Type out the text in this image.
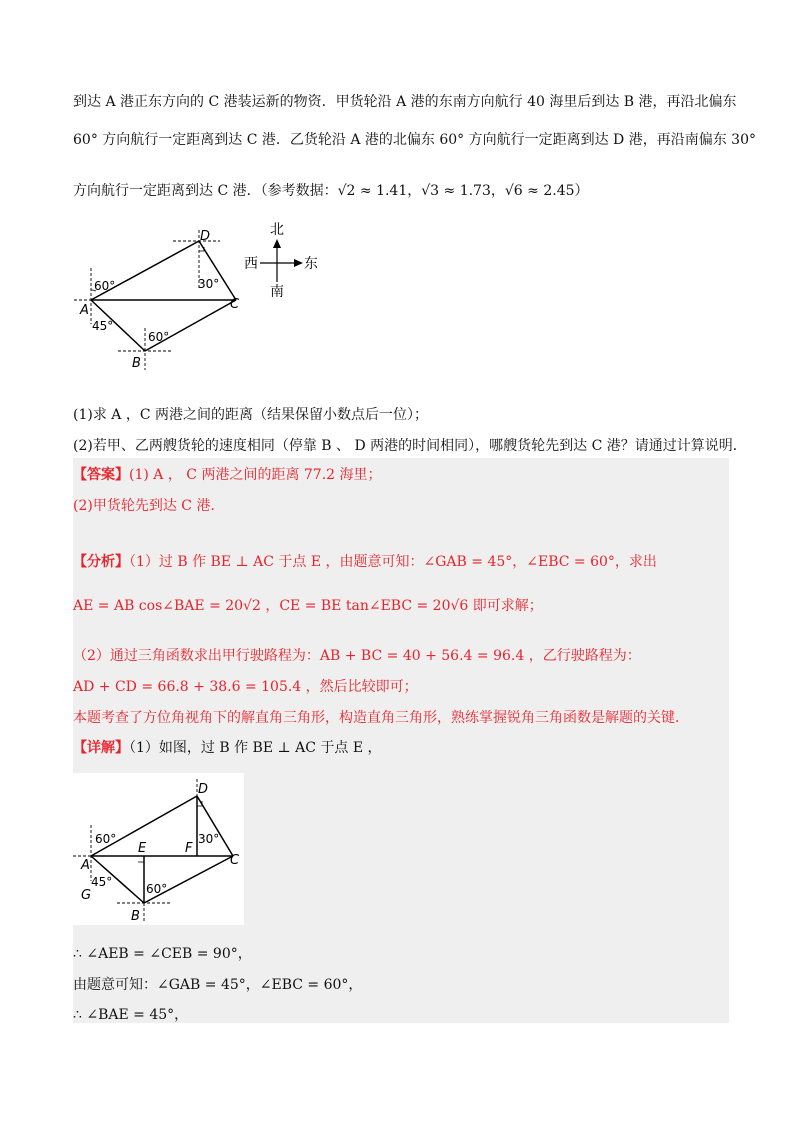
到达 A 港正东方向的 C 港装运新的物资．甲货轮沿 A 港的东南方向航行 40 海里后到达 B 港，再沿北偏东
60° 方向航行一定距离到达 C 港．乙货轮沿 A 港的北偏东 60° 方向航行一定距离到达 D 港，再沿南偏东 30°
方向航行一定距离到达 C 港．（参考数据：√2 ≈ 1.41，√3 ≈ 1.73，√6 ≈ 2.45）
60°
A
45°
D
30°
C
60°
B
北
南
西	东
(1)求 A ，C 两港之间的距离（结果保留小数点后一位）；
(2)若甲、乙两艘货轮的速度相同（停靠 B 、 D 两港的时间相同），哪艘货轮先到达 C 港？请通过计算说明．
【答案】(1) A ， C 两港之间的距离 77.2 海里；
(2)甲货轮先到达 C 港．
【分析】（1）过 B 作 BE ⊥ AC 于点 E ，由题意可知：∠GAB = 45°，∠EBC = 60°，求出
AE = AB cos∠BAE = 20√2 ，CE = BE tan∠EBC = 20√6 即可求解；
（2）通过三角函数求出甲行驶路程为：AB + BC = 40 + 56.4 = 96.4 ，乙行驶路程为：
AD + CD = 66.8 + 38.6 = 105.4 ，然后比较即可；
本题考查了方位角视角下的解直角三角形，构造直角三角形，熟练掌握锐角三角函数是解题的关键．
【详解】（1）如图，过 B 作 BE ⊥ AC 于点 E ，
60°
A
45°
G
E	F
D
30°
C
60°
B
∴ ∠AEB = ∠CEB = 90°，
由题意可知：∠GAB = 45°，∠EBC = 60°，
∴ ∠BAE = 45°，
